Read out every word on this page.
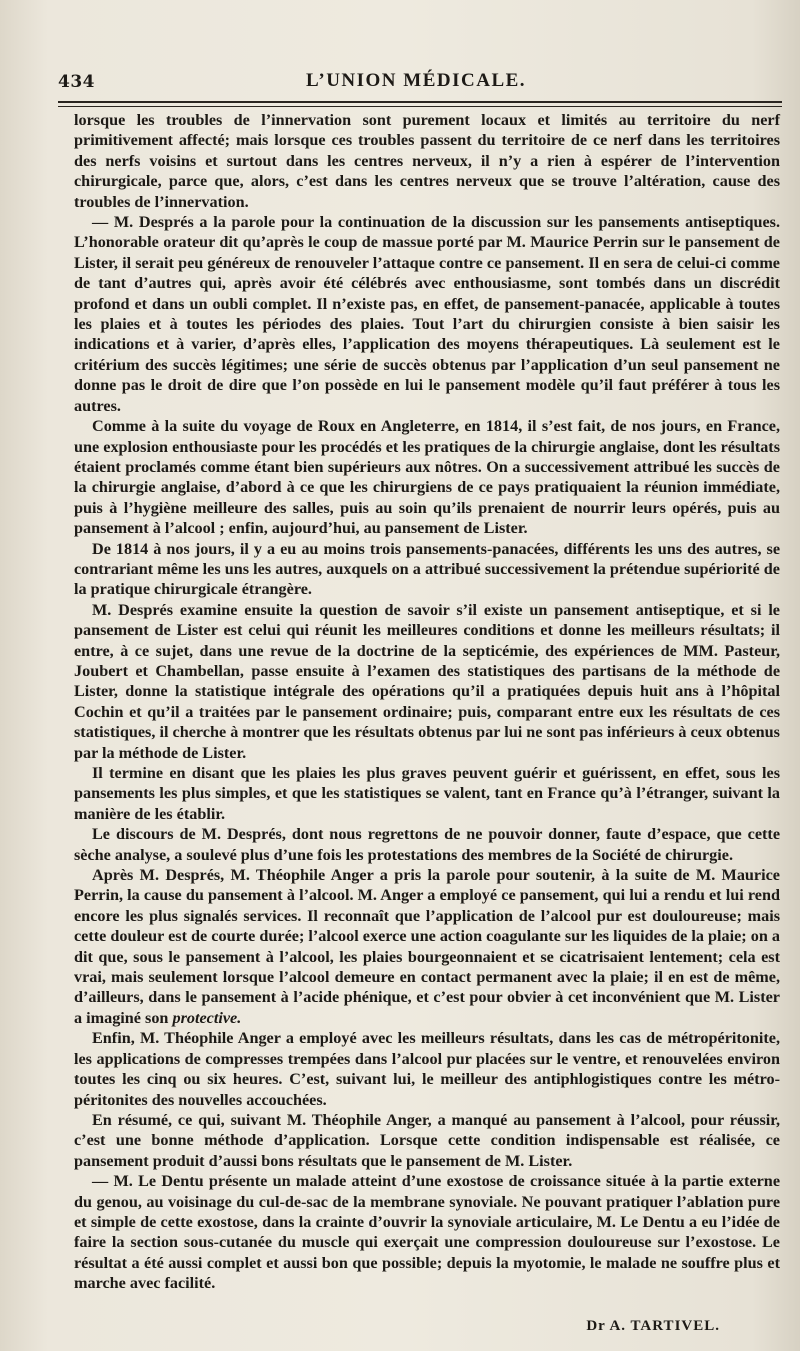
434	L’UNION MÉDICALE.

lorsque les troubles de l’innervation sont purement locaux et limités au territoire du nerf primitivement affecté; mais lorsque ces troubles passent du territoire de ce nerf dans les territoires des nerfs voisins et surtout dans les centres nerveux, il n’y a rien à espérer de l’intervention chirurgicale, parce que, alors, c’est dans les centres nerveux que se trouve l’altération, cause des troubles de l’innervation.

— M. Després a la parole pour la continuation de la discussion sur les pansements antiseptiques. L’honorable orateur dit qu’après le coup de massue porté par M. Maurice Perrin sur le pansement de Lister, il serait peu généreux de renouveler l’attaque contre ce pansement. Il en sera de celui-ci comme de tant d’autres qui, après avoir été célébrés avec enthousiasme, sont tombés dans un discrédit profond et dans un oubli complet. Il n’existe pas, en effet, de pansement-panacée, applicable à toutes les plaies et à toutes les périodes des plaies. Tout l’art du chirurgien consiste à bien saisir les indications et à varier, d’après elles, l’application des moyens thérapeutiques. Là seulement est le critérium des succès légitimes; une série de succès obtenus par l’application d’un seul pansement ne donne pas le droit de dire que l’on possède en lui le pansement modèle qu’il faut préférer à tous les autres.

Comme à la suite du voyage de Roux en Angleterre, en 1814, il s’est fait, de nos jours, en France, une explosion enthousiaste pour les procédés et les pratiques de la chirurgie anglaise, dont les résultats étaient proclamés comme étant bien supérieurs aux nôtres. On a successivement attribué les succès de la chirurgie anglaise, d’abord à ce que les chirurgiens de ce pays pratiquaient la réunion immédiate, puis à l’hygiène meilleure des salles, puis au soin qu’ils prenaient de nourrir leurs opérés, puis au pansement à l’alcool ; enfin, aujourd’hui, au pansement de Lister.

De 1814 à nos jours, il y a eu au moins trois pansements-panacées, différents les uns des autres, se contrariant même les uns les autres, auxquels on a attribué successivement la prétendue supériorité de la pratique chirurgicale étrangère.

M. Després examine ensuite la question de savoir s’il existe un pansement antiseptique, et si le pansement de Lister est celui qui réunit les meilleures conditions et donne les meilleurs résultats; il entre, à ce sujet, dans une revue de la doctrine de la septicémie, des expériences de MM. Pasteur, Joubert et Chambellan, passe ensuite à l’examen des statistiques des partisans de la méthode de Lister, donne la statistique intégrale des opérations qu’il a pratiquées depuis huit ans à l’hôpital Cochin et qu’il a traitées par le pansement ordinaire; puis, comparant entre eux les résultats de ces statistiques, il cherche à montrer que les résultats obtenus par lui ne sont pas inférieurs à ceux obtenus par la méthode de Lister.

Il termine en disant que les plaies les plus graves peuvent guérir et guérissent, en effet, sous les pansements les plus simples, et que les statistiques se valent, tant en France qu’à l’étranger, suivant la manière de les établir.

Le discours de M. Després, dont nous regrettons de ne pouvoir donner, faute d’espace, que cette sèche analyse, a soulevé plus d’une fois les protestations des membres de la Société de chirurgie.

Après M. Després, M. Théophile Anger a pris la parole pour soutenir, à la suite de M. Maurice Perrin, la cause du pansement à l’alcool. M. Anger a employé ce pansement, qui lui a rendu et lui rend encore les plus signalés services. Il reconnaît que l’application de l’alcool pur est douloureuse; mais cette douleur est de courte durée; l’alcool exerce une action coagulante sur les liquides de la plaie; on a dit que, sous le pansement à l’alcool, les plaies bourgeonnaient et se cicatrisaient lentement; cela est vrai, mais seulement lorsque l’alcool demeure en contact permanent avec la plaie; il en est de même, d’ailleurs, dans le pansement à l’acide phénique, et c’est pour obvier à cet inconvénient que M. Lister a imaginé son protective.

Enfin, M. Théophile Anger a employé avec les meilleurs résultats, dans les cas de métropéritonite, les applications de compresses trempées dans l’alcool pur placées sur le ventre, et renouvelées environ toutes les cinq ou six heures. C’est, suivant lui, le meilleur des antiphlogistiques contre les métro-péritonites des nouvelles accouchées.

En résumé, ce qui, suivant M. Théophile Anger, a manqué au pansement à l’alcool, pour réussir, c’est une bonne méthode d’application. Lorsque cette condition indispensable est réalisée, ce pansement produit d’aussi bons résultats que le pansement de M. Lister.

— M. Le Dentu présente un malade atteint d’une exostose de croissance située à la partie externe du genou, au voisinage du cul-de-sac de la membrane synoviale. Ne pouvant pratiquer l’ablation pure et simple de cette exostose, dans la crainte d’ouvrir la synoviale articulaire, M. Le Dentu a eu l’idée de faire la section sous-cutanée du muscle qui exerçait une compression douloureuse sur l’exostose. Le résultat a été aussi complet et aussi bon que possible; depuis la myotomie, le malade ne souffre plus et marche avec facilité.

Dr A. TARTIVEL.
